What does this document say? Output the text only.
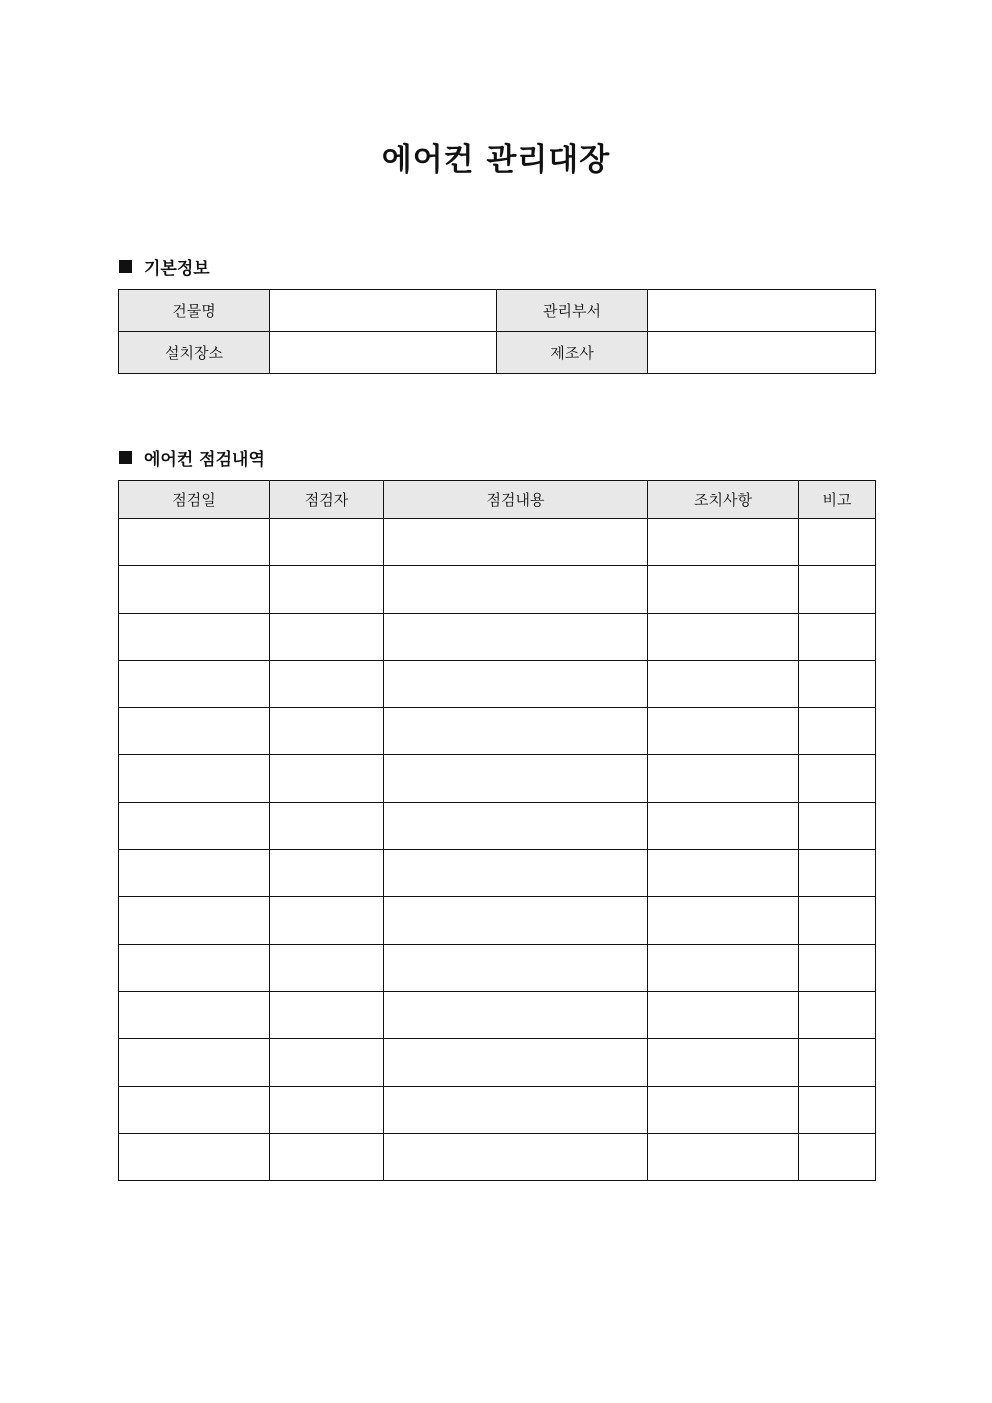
에어컨 관리대장
기본정보
건물명		관리부서	
설치장소		제조사	
에어컨 점검내역
점검일	점검자	점검내용	조치사항	비고
